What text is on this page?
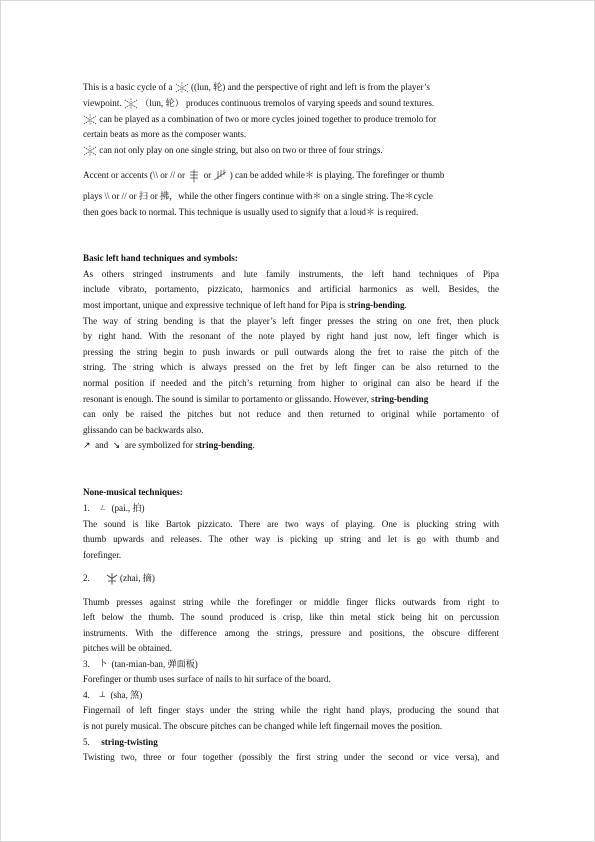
This is a basic cycle of a ((lun, 轮) and the perspective of right and left is from the player’s
viewpoint. （lun, 轮） produces continuous tremolos of varying speeds and sound textures.
can be played as a combination of two or more cycles joined together to produce tremolo for
certain beats as more as the composer wants.
can not only play on one single string, but also on two or three of four strings.
Accent or accents (\\ or // or or ) can be added while＊ is playing. The forefinger or thumb
plays \\ or // or 扫 or 拂，while the other fingers continue with＊ on a single string. The＊cycle
then goes back to normal. This technique is usually used to signify that a loud＊ is required.
Basic left hand techniques and symbols:
As others stringed instruments and lute family instruments, the left hand techniques of Pipa
include vibrato, portamento, pizzicato, harmonics and artificial harmonics as well. Besides, the
most important, unique and expressive technique of left hand for Pipa is string-bending.
The way of string bending is that the player’s left finger presses the string on one fret, then pluck
by right hand. With the resonant of the note played by right hand just now, left finger which is
pressing the string begin to push inwards or pull outwards along the fret to raise the pitch of the
string. The string which is always pressed on the fret by left finger can be also returned to the
normal position if needed and the pitch’s returning from higher to original can also be heard if the
resonant is enough. The sound is similar to portamento or glissando. However, string-bending
can only be raised the pitches but not reduce and then returned to original while portamento of
glissando can be backwards also.
↗ and ↘ are symbolized for string-bending.
None-musical techniques:
1. ㄥ (pai., 拍)
The sound is like Bartok pizzicato. There are two ways of playing. One is plucking string with
thumb upwards and releases. The other way is picking up string and let is go with thumb and
forefinger.
2.	(zhai, 摘)
Thumb presses against string while the forefinger or middle finger flicks outwards from right to
left below the thumb. The sound produced is crisp, like thin metal stick being hit on percussion
instruments. With the difference among the strings, pressure and positions, the obscure different
pitches will be obtained.
3. 卜 (tan-mian-ban, 弹面板)
Forefinger or thumb uses surface of nails to hit surface of the board.
4. ⊥ (sha, 煞)
Fingernail of left finger stays under the string while the right hand plays, producing the sound that
is not purely musical. The obscure pitches can be changed while left fingernail moves the position.
5. string-twisting
Twisting two, three or four together (possibly the first string under the second or vice versa), and
